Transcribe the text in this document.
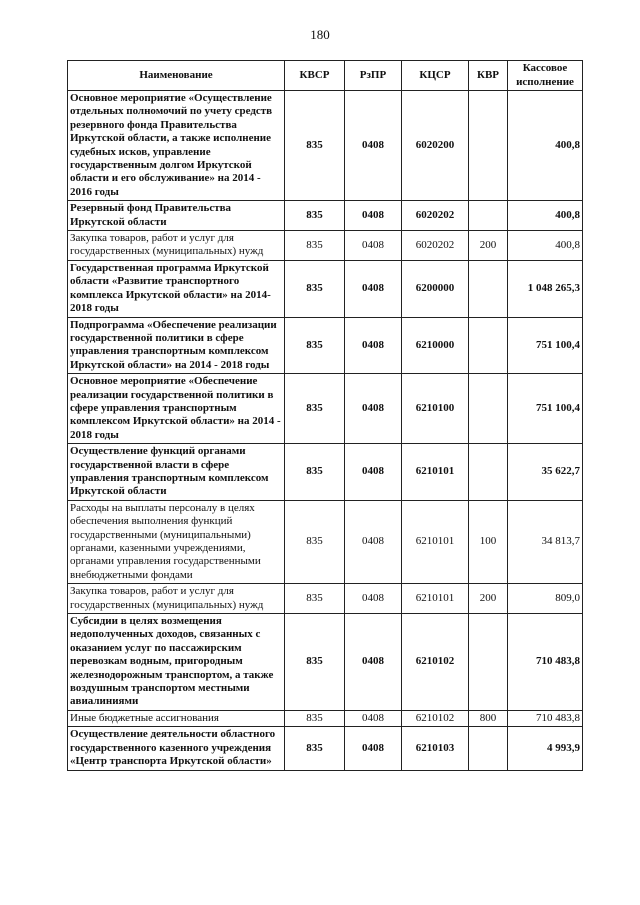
180
Наименование	КВСР	РзПР	КЦСР	КВР	Кассовое исполнение
Основное мероприятие «Осуществление отдельных полномочий по учету средств резервного фонда Правительства Иркутской области, а также исполнение судебных исков, управление государственным долгом Иркутской области и его обслуживание» на 2014 - 2016 годы	835	0408	6020200		400,8
Резервный фонд Правительства Иркутской области	835	0408	6020202		400,8
Закупка товаров, работ и услуг для государственных (муниципальных) нужд	835	0408	6020202	200	400,8
Государственная программа Иркутской области «Развитие транспортного комплекса Иркутской области» на 2014-2018 годы	835	0408	6200000		1 048 265,3
Подпрограмма «Обеспечение реализации государственной политики в сфере управления транспортным комплексом Иркутской области» на 2014 - 2018 годы	835	0408	6210000		751 100,4
Основное мероприятие «Обеспечение реализации государственной политики в сфере управления транспортным комплексом Иркутской области» на 2014 - 2018 годы	835	0408	6210100		751 100,4
Осуществление функций органами государственной власти в сфере управления транспортным комплексом Иркутской области	835	0408	6210101		35 622,7
Расходы на выплаты персоналу в целях обеспечения выполнения функций государственными (муниципальными) органами, казенными учреждениями, органами управления государственными внебюджетными фондами	835	0408	6210101	100	34 813,7
Закупка товаров, работ и услуг для государственных (муниципальных) нужд	835	0408	6210101	200	809,0
Субсидии в целях возмещения недополученных доходов, связанных с оказанием услуг по пассажирским перевозкам водным, пригородным железнодорожным транспортом, а также воздушным транспортом местными авиалиниями	835	0408	6210102		710 483,8
Иные бюджетные ассигнования	835	0408	6210102	800	710 483,8
Осуществление деятельности областного государственного казенного учреждения «Центр транспорта Иркутской области»	835	0408	6210103		4 993,9
